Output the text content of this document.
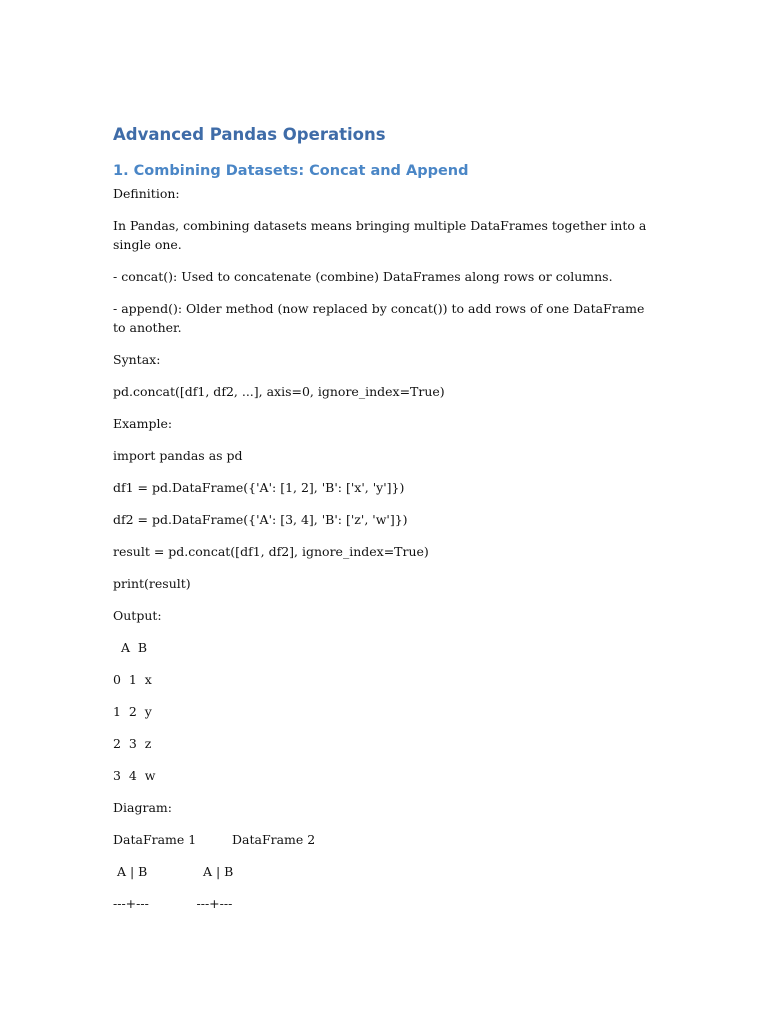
Advanced Pandas Operations
1. Combining Datasets: Concat and Append
Definition:
In Pandas, combining datasets means bringing multiple DataFrames together into a single one.
- concat(): Used to concatenate (combine) DataFrames along rows or columns.
- append(): Older method (now replaced by concat()) to add rows of one DataFrame to another.
Syntax:
pd.concat([df1, df2, ...], axis=0, ignore_index=True)
Example:
import pandas as pd
df1 = pd.DataFrame({'A': [1, 2], 'B': ['x', 'y']})
df2 = pd.DataFrame({'A': [3, 4], 'B': ['z', 'w']})
result = pd.concat([df1, df2], ignore_index=True)
print(result)
Output:
A  B
0  1  x
1  2  y
2  3  z
3  4  w
Diagram:
DataFrame 1         DataFrame 2
A | B              A | B
---+---            ---+---
